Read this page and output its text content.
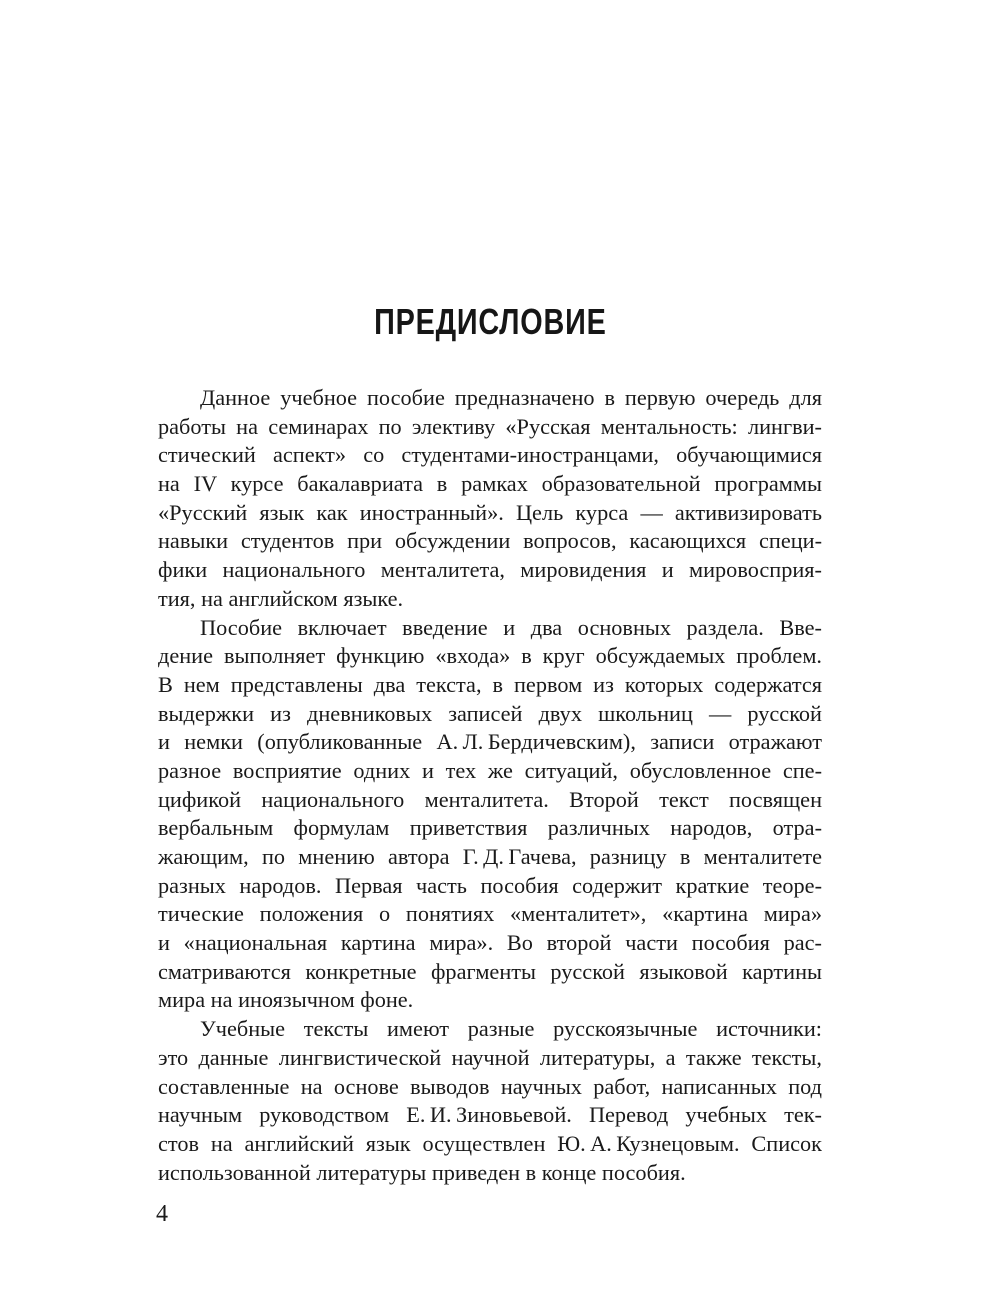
ПРЕДИСЛОВИЕ
Данное учебное пособие предназначено в первую очередь для
работы на семинарах по элективу «Русская ментальность: лингви-
стический аспект» со студентами-иностранцами, обучающимися
на IV курсе бакалавриата в рамках образовательной программы
«Русский язык как иностранный». Цель курса — активизировать
навыки студентов при обсуждении вопросов, касающихся специ-
фики национального менталитета, мировидения и мировосприя-
тия, на английском языке.
Пособие включает введение и два основных раздела. Вве-
дение выполняет функцию «входа» в круг обсуждаемых проблем.
В нем представлены два текста, в первом из которых содержатся
выдержки из дневниковых записей двух школьниц — русской
и немки (опубликованные А. Л. Бердичевским), записи отражают
разное восприятие одних и тех же ситуаций, обусловленное спе-
цификой национального менталитета. Второй текст посвящен
вербальным формулам приветствия различных народов, отра-
жающим, по мнению автора Г. Д. Гачева, разницу в менталитете
разных народов. Первая часть пособия содержит краткие теоре-
тические положения о понятиях «менталитет», «картина мира»
и «национальная картина мира». Во второй части пособия рас-
сматриваются конкретные фрагменты русской языковой картины
мира на иноязычном фоне.
Учебные тексты имеют разные русскоязычные источники:
это данные лингвистической научной литературы, а также тексты,
составленные на основе выводов научных работ, написанных под
научным руководством Е. И. Зиновьевой. Перевод учебных тек-
стов на английский язык осуществлен Ю. А. Кузнецовым. Список
использованной литературы приведен в конце пособия.
4
